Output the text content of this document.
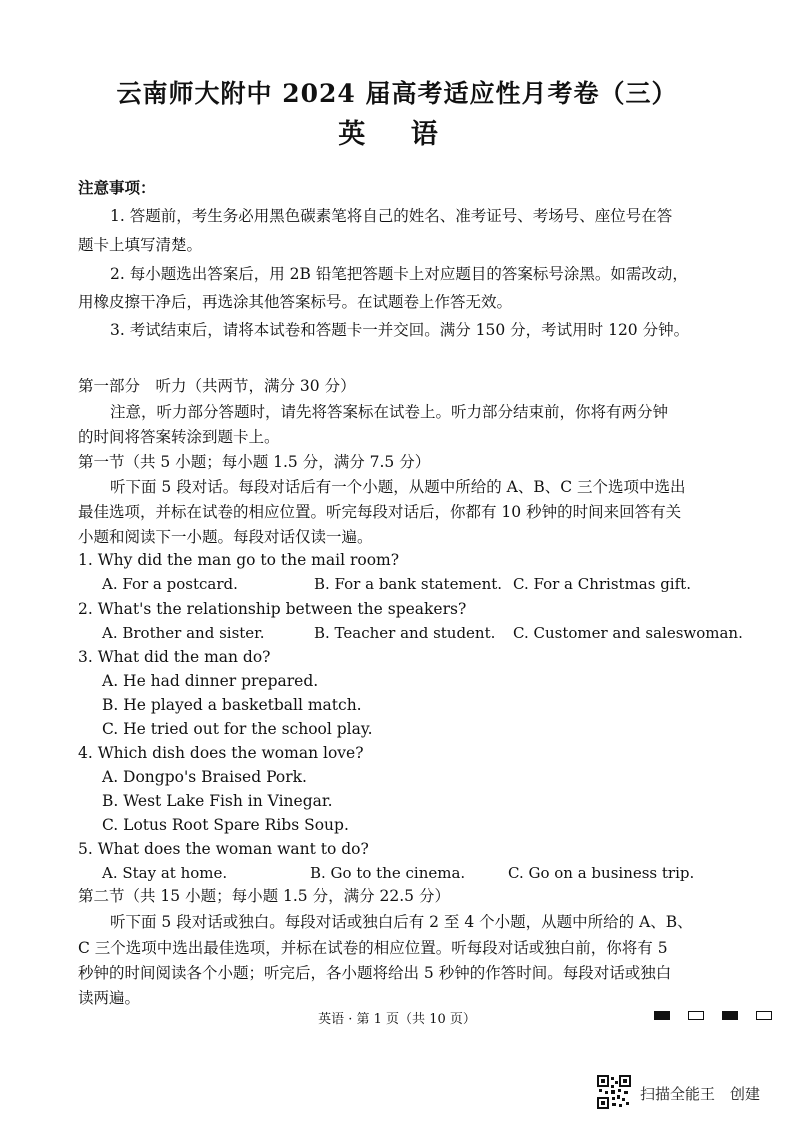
云南师大附中 2024 届高考适应性月考卷（三）
英 语
注意事项：
1. 答题前，考生务必用黑色碳素笔将自己的姓名、准考证号、考场号、座位号在答
题卡上填写清楚。
2. 每小题选出答案后，用 2B 铅笔把答题卡上对应题目的答案标号涂黑。如需改动，
用橡皮擦干净后，再选涂其他答案标号。在试题卷上作答无效。
3. 考试结束后，请将本试卷和答题卡一并交回。满分 150 分，考试用时 120 分钟。
第一部分　听力（共两节，满分 30 分）
注意，听力部分答题时，请先将答案标在试卷上。听力部分结束前，你将有两分钟
的时间将答案转涂到题卡上。
第一节（共 5 小题；每小题 1.5 分，满分 7.5 分）
听下面 5 段对话。每段对话后有一个小题，从题中所给的 A、B、C 三个选项中选出
最佳选项，并标在试卷的相应位置。听完每段对话后，你都有 10 秒钟的时间来回答有关
小题和阅读下一小题。每段对话仅读一遍。
1. Why did the man go to the mail room?
A. For a postcard.	B. For a bank statement. C. For a Christmas gift.
2. What's the relationship between the speakers?
A. Brother and sister.	B. Teacher and student. C. Customer and saleswoman.
3. What did the man do?
A. He had dinner prepared.
B. He played a basketball match.
C. He tried out for the school play.
4. Which dish does the woman love?
A. Dongpo's Braised Pork.
B. West Lake Fish in Vinegar.
C. Lotus Root Spare Ribs Soup.
5. What does the woman want to do?
A. Stay at home.	B. Go to the cinema.	C. Go on a business trip.
第二节（共 15 小题；每小题 1.5 分，满分 22.5 分）
听下面 5 段对话或独白。每段对话或独白后有 2 至 4 个小题，从题中所给的 A、B、
C 三个选项中选出最佳选项，并标在试卷的相应位置。听每段对话或独白前，你将有 5
秒钟的时间阅读各个小题；听完后，各小题将给出 5 秒钟的作答时间。每段对话或独白
读两遍。
英语 · 第 1 页（共 10 页）
扫描全能王　创建
